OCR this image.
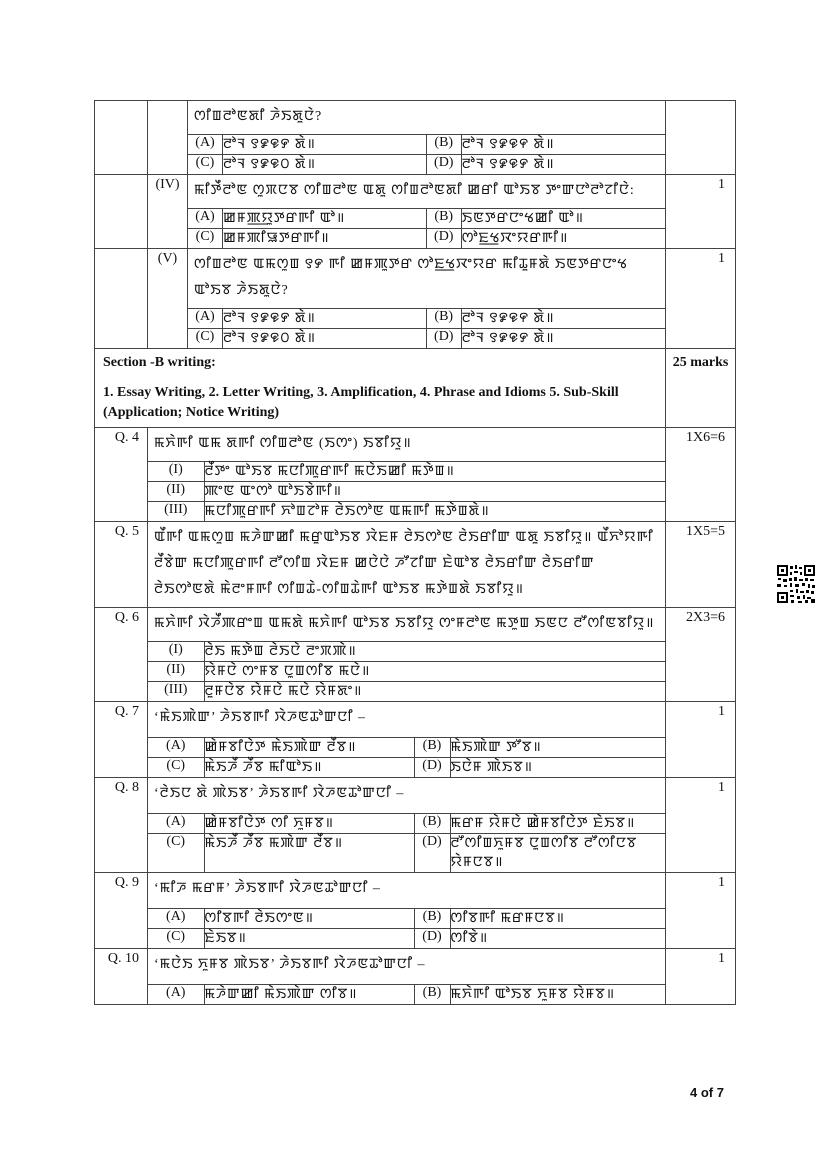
ꯁꯤꯡꯂꯣꯟꯗꯤ ꯍꯥꯏꯗꯨꯅꯥ?
(A)	ꯂꯣꯜ ꯱꯹꯶꯸ ꯗꯥ॥	(B)	ꯂꯣꯜ ꯱꯹꯶꯵ ꯗꯥ॥
(C)	ꯂꯣꯜ ꯱꯹꯶꯰ ꯗꯥ॥	(D)	ꯂꯣꯜ ꯱꯹꯶꯸ ꯗꯥ॥

	(IV)	ꯃꯤꯇꯩꯂꯣꯟ ꯁꯨꯞꯅꯕ ꯁꯤꯡꯂꯣꯟ ꯑꯗꯨ ꯁꯤꯡꯂꯣꯟꯗꯤ ꯀꯔꯤ ꯑꯣꯏꯕ ꯇꯦꯛꯅꯣꯂꯣꯖꯤꯅꯥ:
(A)	ꯀꯝꯄ꯭ꯌꯨꯇꯔꯒꯤ ꯑꯣ॥	(B)	ꯏꯟꯇꯔꯅꯦꯠꯀꯤ ꯑꯣ॥
(C)	ꯀꯝꯄꯤꯎꯇꯔꯒꯤ॥	(D)	ꯁꯣꯐ꯭ꯠꯋꯦꯌꯔꯒꯤ॥
	1
	(V)	ꯁꯤꯡꯂꯣꯟ ꯑꯃꯁꯨꯡ ꯱꯸ ꯒꯤ ꯀꯝꯄꯨꯇꯔ ꯁꯣꯐ꯭ꯠꯋꯦꯌꯔ ꯃꯤꯊꯨꯝꯗꯥ ꯏꯟꯇꯔꯅꯦꯠ ꯑꯣꯏꯕ ꯍꯥꯏꯗꯨꯅꯥ?
(A)	ꯂꯣꯜ ꯱꯹꯶꯸ ꯗꯥ॥	(B)	ꯂꯣꯜ ꯱꯹꯶꯵ ꯗꯥ॥
(C)	ꯂꯣꯜ ꯱꯹꯶꯰ ꯗꯥ॥	(D)	ꯂꯣꯜ ꯱꯹꯶꯸ ꯗꯥ॥
	1

Section -B writing:
1. Essay Writing, 2. Letter Writing, 3. Amplification, 4. Phrase and Idioms 5. Sub-Skill (Application; Notice Writing)
	25 marks
Q. 4	ꯃꯈꯥꯒꯤ ꯑꯃ ꯗꯒꯤ ꯁꯤꯡꯂꯣꯟ (ꯏꯁꯦ) ꯏꯕꯤꯌꯨ॥
(I)	ꯂꯩꯇꯦ ꯑꯣꯏꯕ ꯃꯅꯤꯄꯨꯔꯒꯤ ꯃꯅꯥꯏꯀꯤ ꯃꯇꯥꯡ॥
(II)	ꯄꯦꯟ ꯑꯦꯁꯣ ꯑꯣꯏꯕꯥꯒꯤ॥
(III)	ꯃꯅꯤꯄꯨꯔꯒꯤ ꯈꯣꯡꯖꯣꯝ ꯂꯥꯏꯁꯣꯟ ꯑꯃꯒꯤ ꯃꯇꯥꯡꯗꯥ॥
	1X6=6
Q. 5	ꯑꯩꯒꯤ ꯑꯃꯁꯨꯡ ꯃꯍꯥꯛꯀꯤ ꯃꯔꯨꯑꯣꯏꯕ ꯋꯥꯐꯝ ꯂꯥꯏꯁꯣꯟ ꯂꯥꯏꯔꯤꯛ ꯑꯗꯨ ꯏꯕꯤꯌꯨ॥ ꯑꯩꯈꯣꯌꯒꯤ ꯂꯩꯕꯥꯛ ꯃꯅꯤꯄꯨꯔꯒꯤ ꯂꯧꯁꯤꯡ ꯋꯥꯐꯝ ꯀꯅꯥꯅꯥ ꯍꯧꯖꯤꯛ ꯐꯥꯑꯣꯕ ꯂꯥꯏꯔꯤꯛ ꯂꯥꯏꯔꯤꯛ ꯂꯥꯏꯁꯣꯟꯗꯥ ꯃꯥꯂꯦꯝꯒꯤ ꯁꯤꯡꯊꯥ-ꯁꯤꯡꯊꯥꯒꯤ ꯑꯣꯏꯕ ꯃꯇꯥꯡꯗꯥ ꯏꯕꯤꯌꯨ॥
	1X5=5
Q. 6	ꯃꯈꯥꯒꯤ ꯋꯥꯍꯩꯄꯔꯦꯡ ꯑꯃꯗꯥ ꯃꯈꯥꯒꯤ ꯑꯣꯏꯕ ꯏꯕꯤꯌꯨ ꯁꯦꯝꯂꯣꯟ ꯃꯇꯨꯡ ꯏꯟꯅ ꯂꯧꯁꯤꯟꯕꯤꯌꯨ॥
(I)	ꯂꯥꯏ ꯃꯇꯥꯡ ꯂꯥꯏꯅꯥ ꯂꯦꯞꯄꯥ॥
(II)	ꯌꯥꯝꯅꯥ ꯁꯦꯝꯕ ꯅꯨꯡꯁꯤꯕ ꯃꯅꯥ॥
(III)	ꯂꯨꯝꯅꯥꯕ ꯌꯥꯝꯅꯥ ꯃꯅꯥ ꯌꯥꯝꯗꯦ॥
	2X3=6
Q. 7	‘ꯃꯥꯏꯄꯥꯛ’ ꯍꯥꯏꯕꯒꯤ ꯋꯥꯍꯟꯊꯣꯛꯅꯤ –
(A)	ꯀꯥꯝꯕꯤꯅꯥꯇ ꯃꯥꯏꯄꯥꯛ ꯂꯩꯕ॥	(B)	ꯃꯥꯏꯄꯥꯛ ꯇꯧꯕ॥
(C)	ꯃꯥꯏꯍꯩ ꯍꯩꯕ ꯃꯤꯑꯣꯏ॥	(D)	ꯏꯅꯥꯝ ꯄꯥꯏꯕ॥
	1
Q. 8	‘ꯂꯥꯏꯅ ꯗꯥ ꯄꯥꯏꯕ’ ꯍꯥꯏꯕꯒꯤ ꯋꯥꯍꯟꯊꯣꯛꯅꯤ –
(A)	ꯀꯥꯝꯕꯤꯅꯥꯇ ꯁꯤ ꯈꯨꯝꯕ॥	(B)	ꯃꯔꯝ ꯌꯥꯝꯅꯥ ꯀꯥꯝꯕꯤꯅꯥꯇ ꯐꯥꯏꯕ॥
(C)	ꯃꯥꯏꯍꯩ ꯍꯩꯕ ꯃꯄꯥꯛ ꯂꯩꯕ॥	(D)	ꯂꯧꯁꯤꯡꯈꯨꯝꯕ ꯅꯨꯡꯁꯤꯕ ꯂꯧꯁꯤꯅꯕ ꯌꯥꯝꯅꯕ॥
	1
Q. 9	‘ꯃꯤꯍ ꯃꯔꯝ’ ꯍꯥꯏꯕꯒꯤ ꯋꯥꯍꯟꯊꯣꯛꯅꯤ –
(A)	ꯁꯤꯕꯒꯤ ꯂꯥꯏꯁꯦꯟ॥	(B)	ꯁꯤꯕꯒꯤ ꯃꯔꯝꯅꯕ॥
(C)	ꯐꯥꯏꯕ॥	(D)	ꯁꯤꯕꯥ॥
	1
Q. 10	‘ꯃꯅꯥꯏ ꯈꯨꯝꯕ ꯄꯥꯏꯕ’ ꯍꯥꯏꯕꯒꯤ ꯋꯥꯍꯟꯊꯣꯛꯅꯤ –
(A)	ꯃꯍꯥꯛꯀꯤ ꯃꯥꯏꯄꯥꯛ ꯁꯤꯕ॥	(B)	ꯃꯈꯥꯒꯤ ꯑꯣꯏꯕ ꯈꯨꯝꯕ ꯌꯥꯝꯕ॥
	1
4 of 7
